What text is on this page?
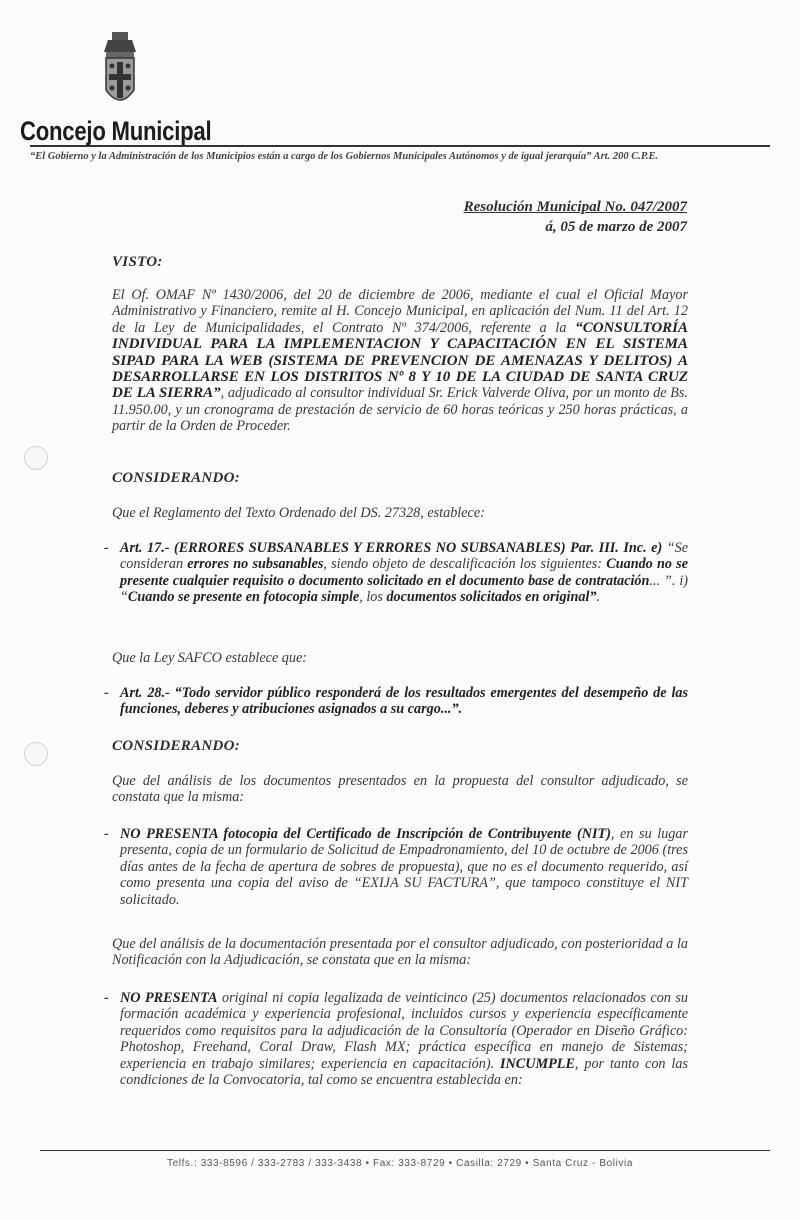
Concejo Municipal
“El Gobierno y la Administración de los Municipios están a cargo de los Gobiernos Municipales Autónomos y de igual jerarquía” Art. 200 C.P.E.
Resolución Municipal No. 047/2007
á, 05 de marzo de 2007
VISTO:
El Of. OMAF Nº 1430/2006, del 20 de diciembre de 2006, mediante el cual el Oficial Mayor Administrativo y Financiero, remite al H. Concejo Municipal, en aplicación del Num. 11 del Art. 12 de la Ley de Municipalidades, el Contrato Nº 374/2006, referente a la “CONSULTORÍA INDIVIDUAL PARA LA IMPLEMENTACION Y CAPACITACIÓN EN EL SISTEMA SIPAD PARA LA WEB (SISTEMA DE PREVENCION DE AMENAZAS Y DELITOS) A DESARROLLARSE EN LOS DISTRITOS Nº 8 Y 10 DE LA CIUDAD DE SANTA CRUZ DE LA SIERRA”, adjudicado al consultor individual Sr. Erick Valverde Oliva, por un monto de Bs. 11.950.00, y un cronograma de prestación de servicio de 60 horas teóricas y 250 horas prácticas, a partir de la Orden de Proceder.
CONSIDERANDO:
Que el Reglamento del Texto Ordenado del DS. 27328, establece:
- Art. 17.- (ERRORES SUBSANABLES Y ERRORES NO SUBSANABLES) Par. III. Inc. e) “Se consideran errores no subsanables, siendo objeto de descalificación los siguientes: Cuando no se presente cualquier requisito o documento solicitado en el documento base de contratación... ”. i) “Cuando se presente en fotocopia simple, los documentos solicitados en original”.
Que la Ley SAFCO establece que:
- Art. 28.- “Todo servidor público responderá de los resultados emergentes del desempeño de las funciones, deberes y atribuciones asignados a su cargo...”.
CONSIDERANDO:
Que del análisis de los documentos presentados en la propuesta del consultor adjudicado, se constata que la misma:
- NO PRESENTA fotocopia del Certificado de Inscripción de Contribuyente (NIT), en su lugar presenta, copia de un formulario de Solicitud de Empadronamiento, del 10 de octubre de 2006 (tres días antes de la fecha de apertura de sobres de propuesta), que no es el documento requerido, así como presenta una copia del aviso de “EXIJA SU FACTURA”, que tampoco constituye el NIT solicitado.
Que del análisis de la documentación presentada por el consultor adjudicado, con posterioridad a la Notificación con la Adjudicación, se constata que en la misma:
- NO PRESENTA original ni copia legalizada de veinticinco (25) documentos relacionados con su formación académica y experiencia profesional, incluidos cursos y experiencia específicamente requeridos como requisitos para la adjudicación de la Consultoría (Operador en Diseño Gráfico: Photoshop, Freehand, Coral Draw, Flash MX; práctica específica en manejo de Sistemas; experiencia en trabajo similares; experiencia en capacitación). INCUMPLE, por tanto con las condiciones de la Convocatoria, tal como se encuentra establecida en:
Telfs.: 333-8596 / 333-2783 / 333-3438 • Fax: 333-8729 • Casilla: 2729 • Santa Cruz - Bolivia
